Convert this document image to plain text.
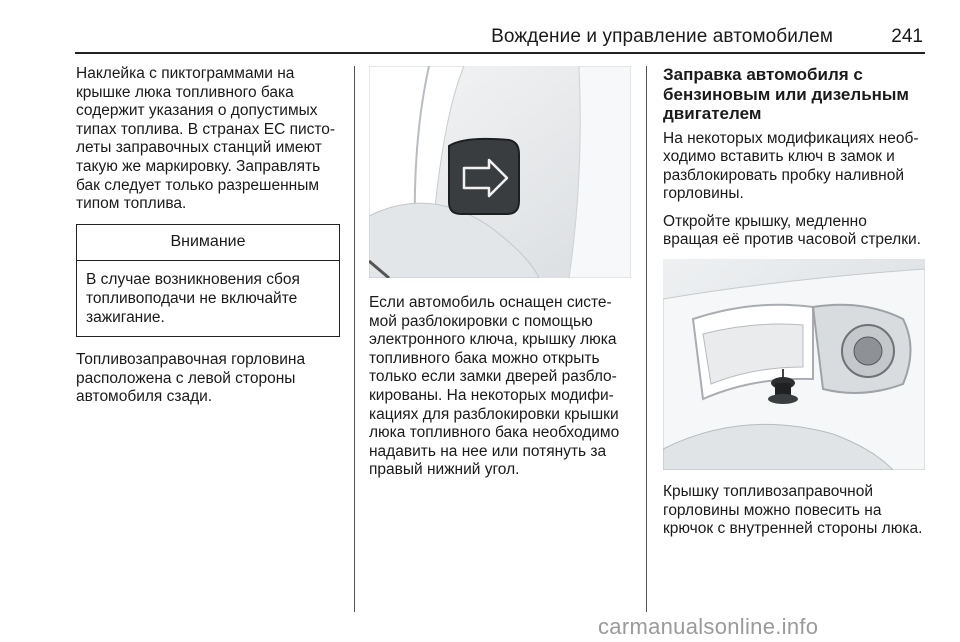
Вождение и управление автомобилем	241

Наклейка с пиктограммами на
крышке люка топливного бака
содержит указания о допустимых
типах топлива. В странах ЕС писто-
леты заправочных станций имеют
такую же маркировку. Заправлять
бак следует только разрешенным
типом топлива.

Внимание
В случае возникновения сбоя
топливоподачи не включайте
зажигание.

Топливозаправочная горловина
расположена с левой стороны
автомобиля сзади.

Если автомобиль оснащен систе-
мой разблокировки с помощью
электронного ключа, крышку люка
топливного бака можно открыть
только если замки дверей разбло-
кированы. На некоторых модифи-
кациях для разблокировки крышки
люка топливного бака необходимо
надавить на нее или потянуть за
правый нижний угол.

Заправка автомобиля с
бензиновым или дизельным
двигателем

На некоторых модификациях необ-
ходимо вставить ключ в замок и
разблокировать пробку наливной
горловины.

Откройте крышку, медленно
вращая её против часовой стрелки.

Крышку топливозаправочной
горловины можно повесить на
крючок с внутренней стороны люка.

carmanualsonline.info
